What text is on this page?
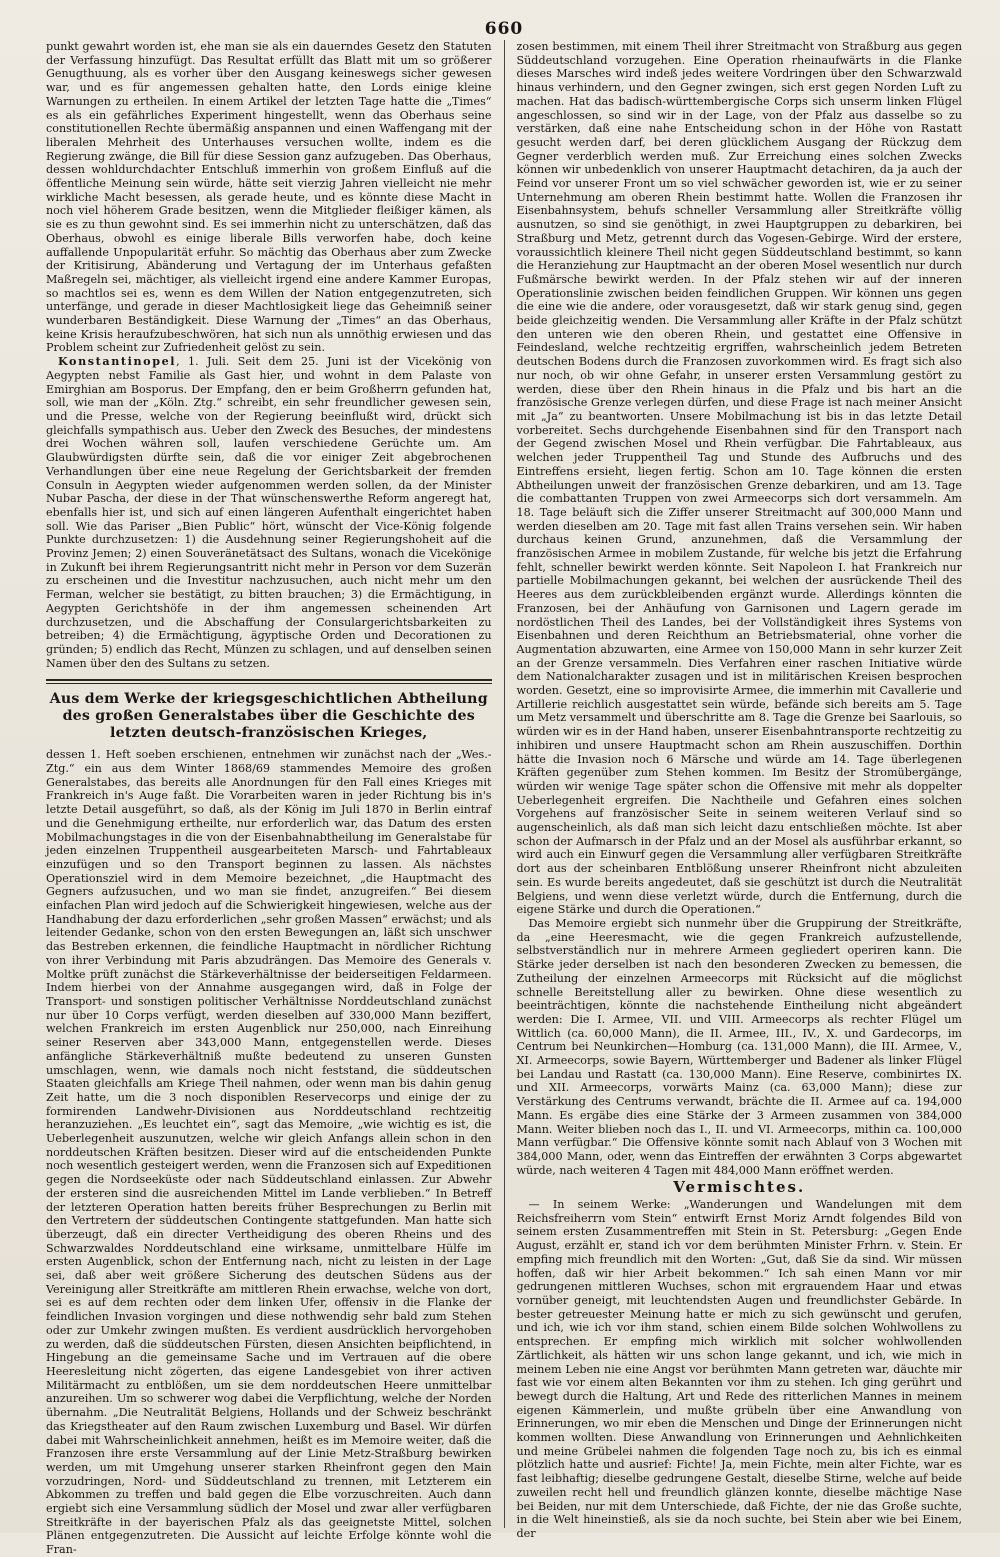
660

punkt gewahrt worden ist, ehe man sie als ein dauerndes Gesetz den Statuten der Verfassung hinzufügt. Das Resultat erfüllt das Blatt mit um so größerer Genugthuung, als es vorher über den Ausgang keineswegs sicher gewesen war, und es für angemessen gehalten hatte, den Lords einige kleine Warnungen zu ertheilen. In einem Artikel der letzten Tage hatte die „Times“ es als ein gefährliches Experiment hingestellt, wenn das Oberhaus seine constitutionellen Rechte übermäßig anspannen und einen Waffengang mit der liberalen Mehrheit des Unterhauses versuchen wollte, indem es die Regierung zwänge, die Bill für diese Session ganz aufzugeben. Das Oberhaus, dessen wohldurchdachter Entschluß immerhin von großem Einfluß auf die öffentliche Meinung sein würde, hätte seit vierzig Jahren vielleicht nie mehr wirkliche Macht besessen, als gerade heute, und es könnte diese Macht in noch viel höherem Grade besitzen, wenn die Mitglieder fleißiger kämen, als sie es zu thun gewohnt sind. Es sei immerhin nicht zu unterschätzen, daß das Oberhaus, obwohl es einige liberale Bills verworfen habe, doch keine auffallende Unpopularität erfuhr. So mächtig das Oberhaus aber zum Zwecke der Kritisirung, Abänderung und Vertagung der im Unterhaus gefaßten Maßregeln sei, mächtiger, als vielleicht irgend eine andere Kammer Europas, so machtlos sei es, wenn es dem Willen der Nation entgegenzutreten, sich unterfänge, und gerade in dieser Machtlosigkeit liege das Geheimniß seiner wunderbaren Beständigkeit. Diese Warnung der „Times“ an das Oberhaus, keine Krisis heraufzubeschwören, hat sich nun als unnöthig erwiesen und das Problem scheint zur Zufriedenheit gelöst zu sein.

Konstantinopel, 1. Juli. Seit dem 25. Juni ist der Vicekönig von Aegypten nebst Familie als Gast hier, und wohnt in dem Palaste von Emirghian am Bosporus. Der Empfang, den er beim Großherrn gefunden hat, soll, wie man der „Köln. Ztg.“ schreibt, ein sehr freundlicher gewesen sein, und die Presse, welche von der Regierung beeinflußt wird, drückt sich gleichfalls sympathisch aus. Ueber den Zweck des Besuches, der mindestens drei Wochen währen soll, laufen verschiedene Gerüchte um. Am Glaubwürdigsten dürfte sein, daß die vor einiger Zeit abgebrochenen Verhandlungen über eine neue Regelung der Gerichtsbarkeit der fremden Consuln in Aegypten wieder aufgenommen werden sollen, da der Minister Nubar Pascha, der diese in der That wünschenswerthe Reform angeregt hat, ebenfalls hier ist, und sich auf einen längeren Aufenthalt eingerichtet haben soll. Wie das Pariser „Bien Public“ hört, wünscht der Vice-König folgende Punkte durchzusetzen: 1) die Ausdehnung seiner Regierungshoheit auf die Provinz Jemen; 2) einen Souveränetätsact des Sultans, wonach die Vicekönige in Zukunft bei ihrem Regierungsantritt nicht mehr in Person vor dem Suzerän zu erscheinen und die Investitur nachzusuchen, auch nicht mehr um den Ferman, welcher sie bestätigt, zu bitten brauchen; 3) die Ermächtigung, in Aegypten Gerichtshöfe in der ihm angemessen scheinenden Art durchzusetzen, und die Abschaffung der Consulargerichtsbarkeiten zu betreiben; 4) die Ermächtigung, ägyptische Orden und Decorationen zu gründen; 5) endlich das Recht, Münzen zu schlagen, und auf denselben seinen Namen über den des Sultans zu setzen.

Aus dem Werke der kriegsgeschichtlichen Abtheilung des großen Generalstabes über die Geschichte des letzten deutsch-französischen Krieges,

dessen 1. Heft soeben erschienen, entnehmen wir zunächst nach der „Wes.-Ztg.“ ein aus dem Winter 1868/69 stammendes Memoire des großen Generalstabes, das bereits alle Anordnungen für den Fall eines Krieges mit Frankreich in's Auge faßt. Die Vorarbeiten waren in jeder Richtung bis in's letzte Detail ausgeführt, so daß, als der König im Juli 1870 in Berlin eintraf und die Genehmigung ertheilte, nur erforderlich war, das Datum des ersten Mobilmachungstages in die von der Eisenbahnabtheilung im Generalstabe für jeden einzelnen Truppentheil ausgearbeiteten Marsch- und Fahrtableaux einzufügen und so den Transport beginnen zu lassen. Als nächstes Operationsziel wird in dem Memoire bezeichnet, „die Hauptmacht des Gegners aufzusuchen, und wo man sie findet, anzugreifen.“ Bei diesem einfachen Plan wird jedoch auf die Schwierigkeit hingewiesen, welche aus der Handhabung der dazu erforderlichen „sehr großen Massen“ erwächst; und als leitender Gedanke, schon von den ersten Bewegungen an, läßt sich unschwer das Bestreben erkennen, die feindliche Hauptmacht in nördlicher Richtung von ihrer Verbindung mit Paris abzudrängen. Das Memoire des Generals v. Moltke prüft zunächst die Stärkeverhältnisse der beiderseitigen Feldarmeen. Indem hierbei von der Annahme ausgegangen wird, daß in Folge der Transport- und sonstigen politischer Verhältnisse Norddeutschland zunächst nur über 10 Corps verfügt, werden dieselben auf 330,000 Mann beziffert, welchen Frankreich im ersten Augenblick nur 250,000, nach Einreihung seiner Reserven aber 343,000 Mann, entgegenstellen werde. Dieses anfängliche Stärkeverhältniß mußte bedeutend zu unseren Gunsten umschlagen, wenn, wie damals noch nicht feststand, die süddeutschen Staaten gleichfalls am Kriege Theil nahmen, oder wenn man bis dahin genug Zeit hatte, um die 3 noch disponiblen Reservecorps und einige der zu formirenden Landwehr-Divisionen aus Norddeutschland rechtzeitig heranzuziehen. „Es leuchtet ein“, sagt das Memoire, „wie wichtig es ist, die Ueberlegenheit auszunutzen, welche wir gleich Anfangs allein schon in den norddeutschen Kräften besitzen. Dieser wird auf die entscheidenden Punkte noch wesentlich gesteigert werden, wenn die Franzosen sich auf Expeditionen gegen die Nordseeküste oder nach Süddeutschland einlassen. Zur Abwehr der ersteren sind die ausreichenden Mittel im Lande verblieben.“ In Betreff der letzteren Operation hatten bereits früher Besprechungen zu Berlin mit den Vertretern der süddeutschen Contingente stattgefunden. Man hatte sich überzeugt, daß ein directer Vertheidigung des oberen Rheins und des Schwarzwaldes Norddeutschland eine wirksame, unmittelbare Hülfe im ersten Augenblick, schon der Entfernung nach, nicht zu leisten in der Lage sei, daß aber weit größere Sicherung des deutschen Südens aus der Vereinigung aller Streitkräfte am mittleren Rhein erwachse, welche von dort, sei es auf dem rechten oder dem linken Ufer, offensiv in die Flanke der feindlichen Invasion vorgingen und diese nothwendig sehr bald zum Stehen oder zur Umkehr zwingen mußten. Es verdient ausdrücklich hervorgehoben zu werden, daß die süddeutschen Fürsten, diesen Ansichten beipflichtend, in Hingebung an die gemeinsame Sache und im Vertrauen auf die obere Heeresleitung nicht zögerten, das eigene Landesgebiet von ihrer activen Militärmacht zu entblößen, um sie dem norddeutschen Heere unmittelbar anzureihen. Um so schwerer wog dabei die Verpflichtung, welche der Norden übernahm. „Die Neutralität Belgiens, Hollands und der Schweiz beschränkt das Kriegstheater auf den Raum zwischen Luxemburg und Basel. Wir dürfen dabei mit Wahrscheinlichkeit annehmen, heißt es im Memoire weiter, daß die Franzosen ihre erste Versammlung auf der Linie Metz-Straßburg bewirken werden, um mit Umgehung unserer starken Rheinfront gegen den Main vorzudringen, Nord- und Süddeutschland zu trennen, mit Letzterem ein Abkommen zu treffen und bald gegen die Elbe vorzuschreiten. Auch dann ergiebt sich eine Versammlung südlich der Mosel und zwar aller verfügbaren Streitkräfte in der bayerischen Pfalz als das geeignetste Mittel, solchen Plänen entgegenzutreten. Die Aussicht auf leichte Erfolge könnte wohl die Fran-

zosen bestimmen, mit einem Theil ihrer Streitmacht von Straßburg aus gegen Süddeutschland vorzugehen. Eine Operation rheinaufwärts in die Flanke dieses Marsches wird indeß jedes weitere Vordringen über den Schwarzwald hinaus verhindern, und den Gegner zwingen, sich erst gegen Norden Luft zu machen. Hat das badisch-württembergische Corps sich unserm linken Flügel angeschlossen, so sind wir in der Lage, von der Pfalz aus dasselbe so zu verstärken, daß eine nahe Entscheidung schon in der Höhe von Rastatt gesucht werden darf, bei deren glücklichem Ausgang der Rückzug dem Gegner verderblich werden muß. Zur Erreichung eines solchen Zwecks können wir unbedenklich von unserer Hauptmacht detachiren, da ja auch der Feind vor unserer Front um so viel schwächer geworden ist, wie er zu seiner Unternehmung am oberen Rhein bestimmt hatte. Wollen die Franzosen ihr Eisenbahnsystem, behufs schneller Versammlung aller Streitkräfte völlig ausnutzen, so sind sie genöthigt, in zwei Hauptgruppen zu debarkiren, bei Straßburg und Metz, getrennt durch das Vogesen-Gebirge. Wird der erstere, voraussichtlich kleinere Theil nicht gegen Süddeutschland bestimmt, so kann die Heranziehung zur Hauptmacht an der oberen Mosel wesentlich nur durch Fußmärsche bewirkt werden. In der Pfalz stehen wir auf der inneren Operationslinie zwischen beiden feindlichen Gruppen. Wir können uns gegen die eine wie die andere, oder vorausgesetzt, daß wir stark genug sind, gegen beide gleichzeitig wenden. Die Versammlung aller Kräfte in der Pfalz schützt den unteren wie den oberen Rhein, und gestattet eine Offensive in Feindesland, welche rechtzeitig ergriffen, wahrscheinlich jedem Betreten deutschen Bodens durch die Franzosen zuvorkommen wird. Es fragt sich also nur noch, ob wir ohne Gefahr, in unserer ersten Versammlung gestört zu werden, diese über den Rhein hinaus in die Pfalz und bis hart an die französische Grenze verlegen dürfen, und diese Frage ist nach meiner Ansicht mit „Ja“ zu beantworten. Unsere Mobilmachung ist bis in das letzte Detail vorbereitet. Sechs durchgehende Eisenbahnen sind für den Transport nach der Gegend zwischen Mosel und Rhein verfügbar. Die Fahrtableaux, aus welchen jeder Truppentheil Tag und Stunde des Aufbruchs und des Eintreffens ersieht, liegen fertig. Schon am 10. Tage können die ersten Abtheilungen unweit der französischen Grenze debarkiren, und am 13. Tage die combattanten Truppen von zwei Armeecorps sich dort versammeln. Am 18. Tage beläuft sich die Ziffer unserer Streitmacht auf 300,000 Mann und werden dieselben am 20. Tage mit fast allen Trains versehen sein. Wir haben durchaus keinen Grund, anzunehmen, daß die Versammlung der französischen Armee in mobilem Zustande, für welche bis jetzt die Erfahrung fehlt, schneller bewirkt werden könnte. Seit Napoleon I. hat Frankreich nur partielle Mobilmachungen gekannt, bei welchen der ausrückende Theil des Heeres aus dem zurückbleibenden ergänzt wurde. Allerdings könnten die Franzosen, bei der Anhäufung von Garnisonen und Lagern gerade im nordöstlichen Theil des Landes, bei der Vollständigkeit ihres Systems von Eisenbahnen und deren Reichthum an Betriebsmaterial, ohne vorher die Augmentation abzuwarten, eine Armee von 150,000 Mann in sehr kurzer Zeit an der Grenze versammeln. Dies Verfahren einer raschen Initiative würde dem Nationalcharakter zusagen und ist in militärischen Kreisen besprochen worden. Gesetzt, eine so improvisirte Armee, die immerhin mit Cavallerie und Artillerie reichlich ausgestattet sein würde, befände sich bereits am 5. Tage um Metz versammelt und überschritte am 8. Tage die Grenze bei Saarlouis, so würden wir es in der Hand haben, unserer Eisenbahntransporte rechtzeitig zu inhibiren und unsere Hauptmacht schon am Rhein auszuschiffen. Dorthin hätte die Invasion noch 6 Märsche und würde am 14. Tage überlegenen Kräften gegenüber zum Stehen kommen. Im Besitz der Stromübergänge, würden wir wenige Tage später schon die Offensive mit mehr als doppelter Ueberlegenheit ergreifen. Die Nachtheile und Gefahren eines solchen Vorgehens auf französischer Seite in seinem weiteren Verlauf sind so augenscheinlich, als daß man sich leicht dazu entschließen möchte. Ist aber schon der Aufmarsch in der Pfalz und an der Mosel als ausführbar erkannt, so wird auch ein Einwurf gegen die Versammlung aller verfügbaren Streitkräfte dort aus der scheinbaren Entblößung unserer Rheinfront nicht abzuleiten sein. Es wurde bereits angedeutet, daß sie geschützt ist durch die Neutralität Belgiens, und wenn diese verletzt würde, durch die Entfernung, durch die eigene Stärke und durch die Operationen.“

Das Memoire ergiebt sich nunmehr über die Gruppirung der Streitkräfte, da „eine Heeresmacht, wie die gegen Frankreich aufzustellende, selbstverständlich nur in mehrere Armeen gegliedert operiren kann. Die Stärke jeder derselben ist nach den besonderen Zwecken zu bemessen, die Zutheilung der einzelnen Armeecorps mit Rücksicht auf die möglichst schnelle Bereitstellung aller zu bewirken. Ohne diese wesentlich zu beeinträchtigen, könnte die nachstehende Eintheilung nicht abgeändert werden: Die I. Armee, VII. und VIII. Armeecorps als rechter Flügel um Wittlich (ca. 60,000 Mann), die II. Armee, III., IV., X. und Gardecorps, im Centrum bei Neunkirchen—Homburg (ca. 131,000 Mann), die III. Armee, V., XI. Armeecorps, sowie Bayern, Württemberger und Badener als linker Flügel bei Landau und Rastatt (ca. 130,000 Mann). Eine Reserve, combinirtes IX. und XII. Armeecorps, vorwärts Mainz (ca. 63,000 Mann); diese zur Verstärkung des Centrums verwandt, brächte die II. Armee auf ca. 194,000 Mann. Es ergäbe dies eine Stärke der 3 Armeen zusammen von 384,000 Mann. Weiter blieben noch das I., II. und VI. Armeecorps, mithin ca. 100,000 Mann verfügbar.“ Die Offensive könnte somit nach Ablauf von 3 Wochen mit 384,000 Mann, oder, wenn das Eintreffen der erwähnten 3 Corps abgewartet würde, nach weiteren 4 Tagen mit 484,000 Mann eröffnet werden.

Vermischtes.

— In seinem Werke: „Wanderungen und Wandelungen mit dem Reichsfreiherrn vom Stein“ entwirft Ernst Moriz Arndt folgendes Bild von seinem ersten Zusammentreffen mit Stein in St. Petersburg: „Gegen Ende August, erzählt er, stand ich vor dem berühmten Minister Frhrn. v. Stein. Er empfing mich freundlich mit den Worten: „Gut, daß Sie da sind. Wir müssen hoffen, daß wir hier Arbeit bekommen.“ Ich sah einen Mann vor mir gedrungenen mittleren Wuchses, schon mit ergrauendem Haar und etwas vornüber geneigt, mit leuchtendsten Augen und freundlichster Gebärde. In bester getreuester Meinung hatte er mich zu sich gewünscht und gerufen, und ich, wie ich vor ihm stand, schien einem Bilde solchen Wohlwollens zu entsprechen. Er empfing mich wirklich mit solcher wohlwollenden Zärtlichkeit, als hätten wir uns schon lange gekannt, und ich, wie mich in meinem Leben nie eine Angst vor berühmten Mann getreten war, däuchte mir fast wie vor einem alten Bekannten vor ihm zu stehen. Ich ging gerührt und bewegt durch die Haltung, Art und Rede des ritterlichen Mannes in meinem eigenen Kämmerlein, und mußte grübeln über eine Anwandlung von Erinnerungen, wo mir eben die Menschen und Dinge der Erinnerungen nicht kommen wollten. Diese Anwandlung von Erinnerungen und Aehnlichkeiten und meine Grübelei nahmen die folgenden Tage noch zu, bis ich es einmal plötzlich hatte und ausrief: Fichte! Ja, mein Fichte, mein alter Fichte, war es fast leibhaftig; dieselbe gedrungene Gestalt, dieselbe Stirne, welche auf beide zuweilen recht hell und freundlich glänzen konnte, dieselbe mächtige Nase bei Beiden, nur mit dem Unterschiede, daß Fichte, der nie das Große suchte, in die Welt hineinstieß, als sie da noch suchte, bei Stein aber wie bei Einem, der
